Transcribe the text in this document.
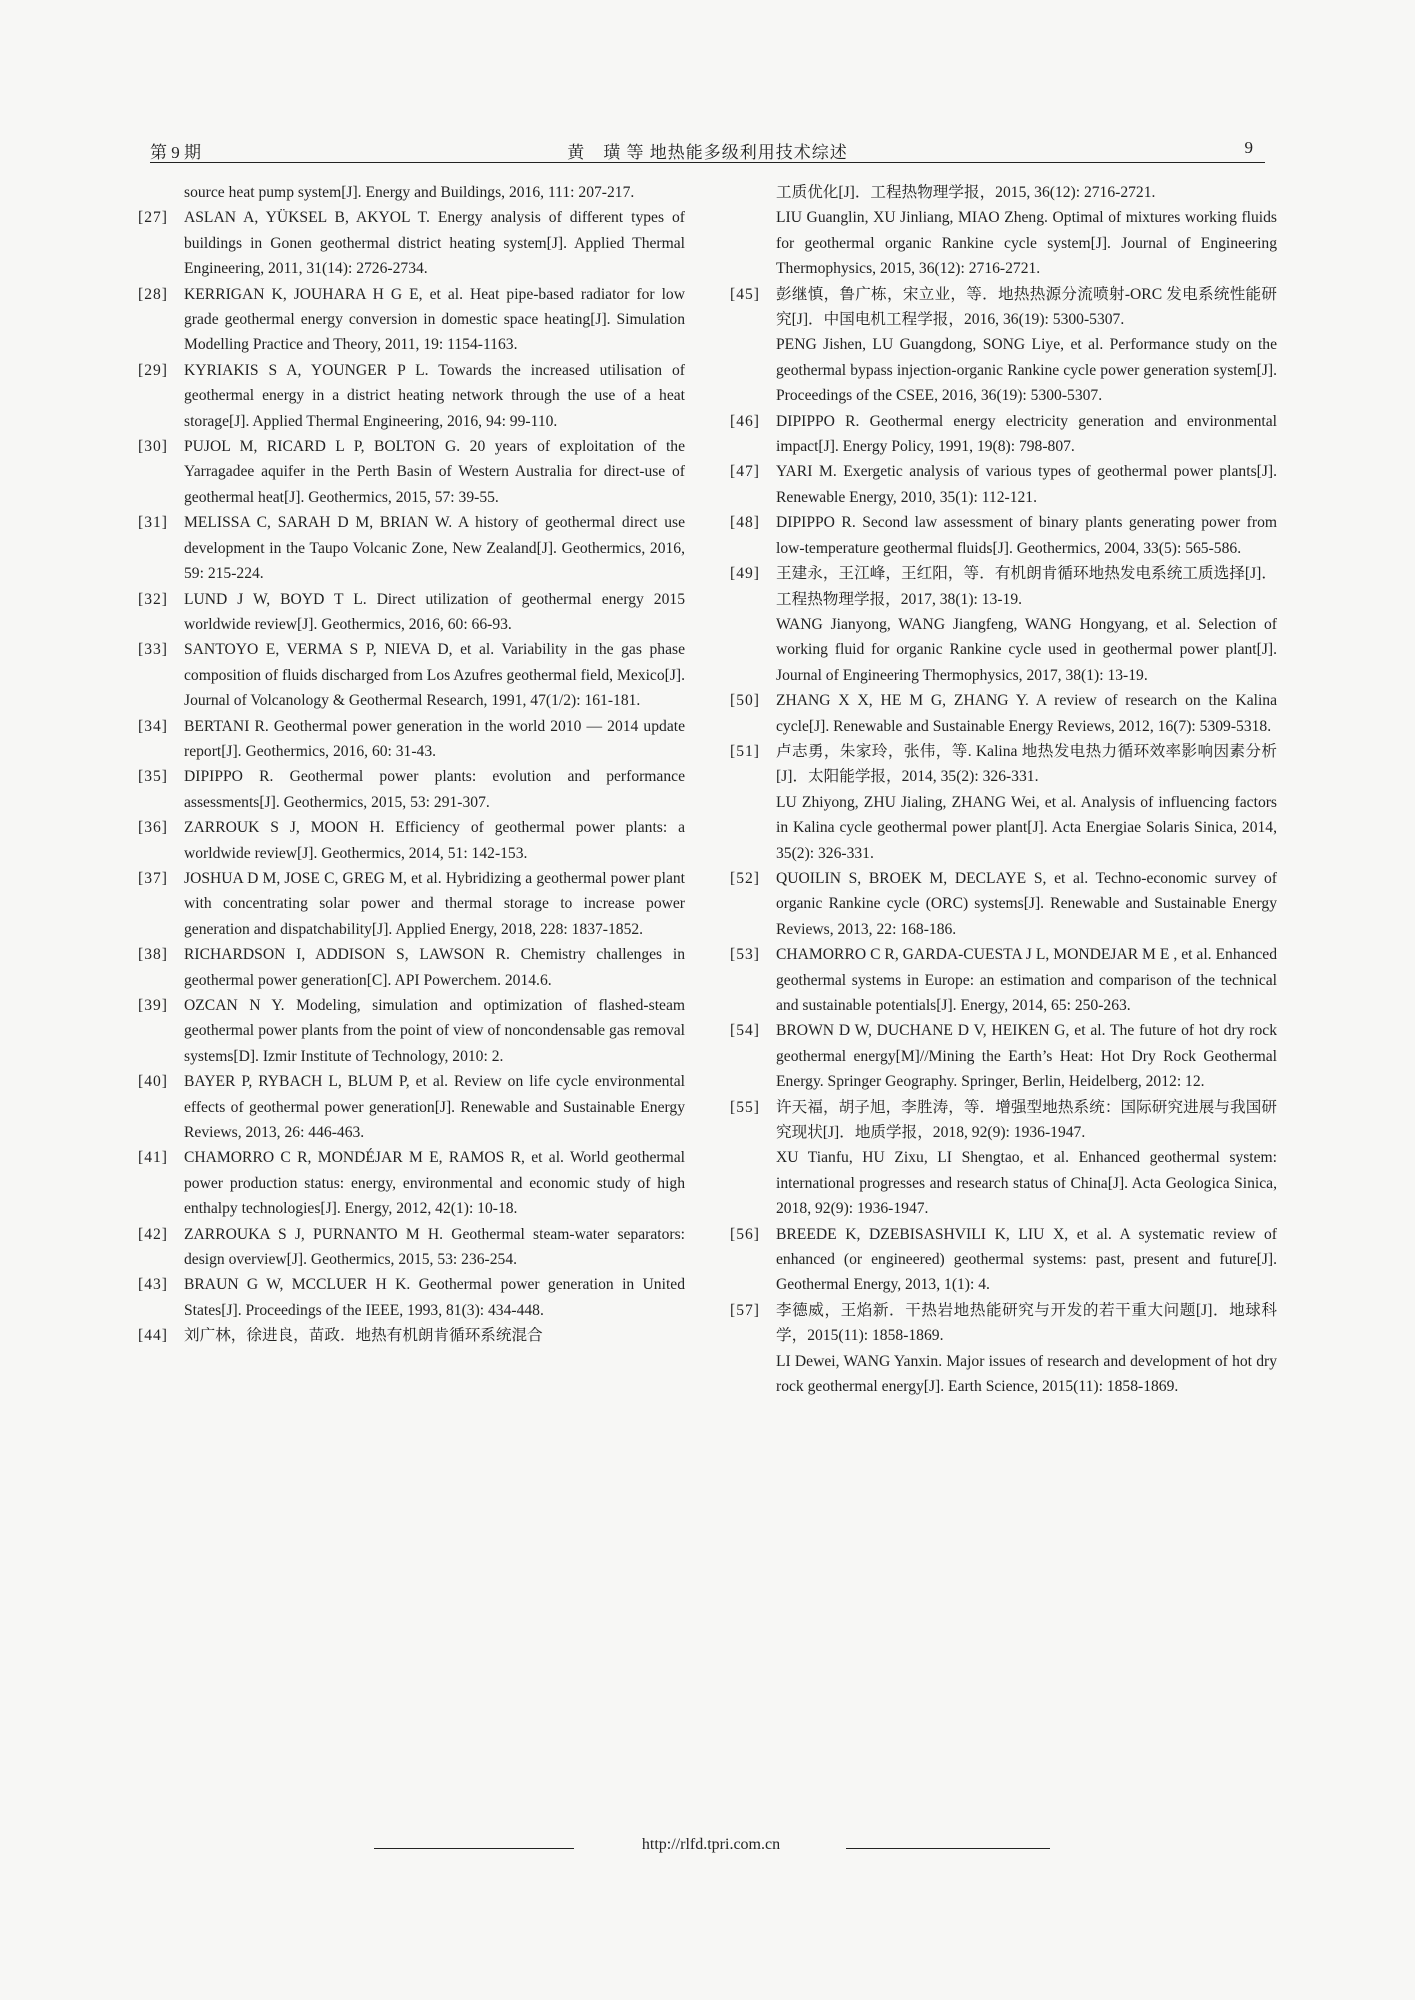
第 9 期	黄　璜 等 地热能多级利用技术综述	9
source heat pump system[J]. Energy and Buildings, 2016, 111: 207-217.
[27] ASLAN A, YÜKSEL B, AKYOL T. Energy analysis of different types of buildings in Gonen geothermal district heating system[J]. Applied Thermal Engineering, 2011, 31(14): 2726-2734.
[28] KERRIGAN K, JOUHARA H G E, et al. Heat pipe-based radiator for low grade geothermal energy conversion in domestic space heating[J]. Simulation Modelling Practice and Theory, 2011, 19: 1154-1163.
[29] KYRIAKIS S A, YOUNGER P L. Towards the increased utilisation of geothermal energy in a district heating network through the use of a heat storage[J]. Applied Thermal Engineering, 2016, 94: 99-110.
[30] PUJOL M, RICARD L P, BOLTON G. 20 years of exploitation of the Yarragadee aquifer in the Perth Basin of Western Australia for direct-use of geothermal heat[J]. Geothermics, 2015, 57: 39-55.
[31] MELISSA C, SARAH D M, BRIAN W. A history of geothermal direct use development in the Taupo Volcanic Zone, New Zealand[J]. Geothermics, 2016, 59: 215-224.
[32] LUND J W, BOYD T L. Direct utilization of geothermal energy 2015 worldwide review[J]. Geothermics, 2016, 60: 66-93.
[33] SANTOYO E, VERMA S P, NIEVA D, et al. Variability in the gas phase composition of fluids discharged from Los Azufres geothermal field, Mexico[J]. Journal of Volcanology & Geothermal Research, 1991, 47(1/2): 161-181.
[34] BERTANI R. Geothermal power generation in the world 2010 — 2014 update report[J]. Geothermics, 2016, 60: 31-43.
[35] DIPIPPO R. Geothermal power plants: evolution and performance assessments[J]. Geothermics, 2015, 53: 291-307.
[36] ZARROUK S J, MOON H. Efficiency of geothermal power plants: a worldwide review[J]. Geothermics, 2014, 51: 142-153.
[37] JOSHUA D M, JOSE C, GREG M, et al. Hybridizing a geothermal power plant with concentrating solar power and thermal storage to increase power generation and dispatchability[J]. Applied Energy, 2018, 228: 1837-1852.
[38] RICHARDSON I, ADDISON S, LAWSON R. Chemistry challenges in geothermal power generation[C]. API Powerchem. 2014.6.
[39] OZCAN N Y. Modeling, simulation and optimization of flashed-steam geothermal power plants from the point of view of noncondensable gas removal systems[D]. Izmir Institute of Technology, 2010: 2.
[40] BAYER P, RYBACH L, BLUM P, et al. Review on life cycle environmental effects of geothermal power generation[J]. Renewable and Sustainable Energy Reviews, 2013, 26: 446-463.
[41] CHAMORRO C R, MONDÉJAR M E, RAMOS R, et al. World geothermal power production status: energy, environmental and economic study of high enthalpy technologies[J]. Energy, 2012, 42(1): 10-18.
[42] ZARROUKA S J, PURNANTO M H. Geothermal steam-water separators: design overview[J]. Geothermics, 2015, 53: 236-254.
[43] BRAUN G W, MCCLUER H K. Geothermal power generation in United States[J]. Proceedings of the IEEE, 1993, 81(3): 434-448.
[44] 刘广林，徐进良，苗政．地热有机朗肯循环系统混合
工质优化[J]．工程热物理学报，2015, 36(12): 2716-2721.
LIU Guanglin, XU Jinliang, MIAO Zheng. Optimal of mixtures working fluids for geothermal organic Rankine cycle system[J]. Journal of Engineering Thermophysics, 2015, 36(12): 2716-2721.
[45] 彭继慎，鲁广栋，宋立业，等．地热热源分流喷射-ORC 发电系统性能研究[J]．中国电机工程学报，2016, 36(19): 5300-5307.
PENG Jishen, LU Guangdong, SONG Liye, et al. Performance study on the geothermal bypass injection-organic Rankine cycle power generation system[J]. Proceedings of the CSEE, 2016, 36(19): 5300-5307.
[46] DIPIPPO R. Geothermal energy electricity generation and environmental impact[J]. Energy Policy, 1991, 19(8): 798-807.
[47] YARI M. Exergetic analysis of various types of geothermal power plants[J]. Renewable Energy, 2010, 35(1): 112-121.
[48] DIPIPPO R. Second law assessment of binary plants generating power from low-temperature geothermal fluids[J]. Geothermics, 2004, 33(5): 565-586.
[49] 王建永，王江峰，王红阳，等．有机朗肯循环地热发电系统工质选择[J]．工程热物理学报，2017, 38(1): 13-19.
WANG Jianyong, WANG Jiangfeng, WANG Hongyang, et al. Selection of working fluid for organic Rankine cycle used in geothermal power plant[J]. Journal of Engineering Thermophysics, 2017, 38(1): 13-19.
[50] ZHANG X X, HE M G, ZHANG Y. A review of research on the Kalina cycle[J]. Renewable and Sustainable Energy Reviews, 2012, 16(7): 5309-5318.
[51] 卢志勇，朱家玲，张伟，等. Kalina 地热发电热力循环效率影响因素分析[J]．太阳能学报，2014, 35(2): 326-331.
LU Zhiyong, ZHU Jialing, ZHANG Wei, et al. Analysis of influencing factors in Kalina cycle geothermal power plant[J]. Acta Energiae Solaris Sinica, 2014, 35(2): 326-331.
[52] QUOILIN S, BROEK M, DECLAYE S, et al. Techno-economic survey of organic Rankine cycle (ORC) systems[J]. Renewable and Sustainable Energy Reviews, 2013, 22: 168-186.
[53] CHAMORRO C R, GARDA-CUESTA J L, MONDEJAR M E , et al. Enhanced geothermal systems in Europe: an estimation and comparison of the technical and sustainable potentials[J]. Energy, 2014, 65: 250-263.
[54] BROWN D W, DUCHANE D V, HEIKEN G, et al. The future of hot dry rock geothermal energy[M]//Mining the Earth’s Heat: Hot Dry Rock Geothermal Energy. Springer Geography. Springer, Berlin, Heidelberg, 2012: 12.
[55] 许天福，胡子旭，李胜涛，等．增强型地热系统：国际研究进展与我国研究现状[J]．地质学报，2018, 92(9): 1936-1947.
XU Tianfu, HU Zixu, LI Shengtao, et al. Enhanced geothermal system: international progresses and research status of China[J]. Acta Geologica Sinica, 2018, 92(9): 1936-1947.
[56] BREEDE K, DZEBISASHVILI K, LIU X, et al. A systematic review of enhanced (or engineered) geothermal systems: past, present and future[J]. Geothermal Energy, 2013, 1(1): 4.
[57] 李德威，王焰新．干热岩地热能研究与开发的若干重大问题[J]．地球科学，2015(11): 1858-1869.
LI Dewei, WANG Yanxin. Major issues of research and development of hot dry rock geothermal energy[J]. Earth Science, 2015(11): 1858-1869.
http://rlfd.tpri.com.cn
